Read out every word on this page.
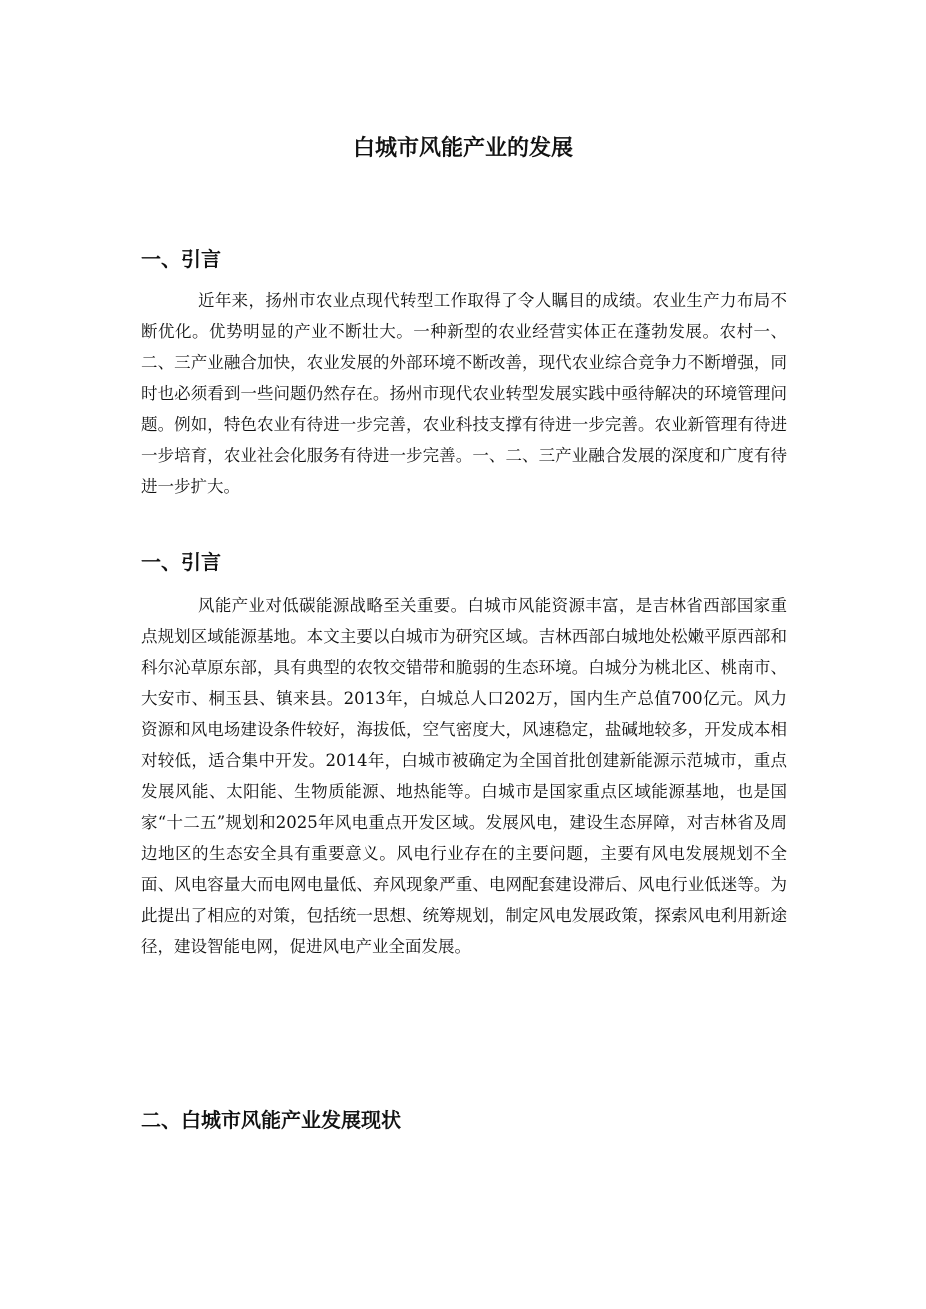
白城市风能产业的发展
一、引言

近年来，扬州市农业点现代转型工作取得了令人瞩目的成绩。农业生产力布局不断优化。优势明显的产业不断壮大。一种新型的农业经营实体正在蓬勃发展。农村一、二、三产业融合加快，农业发展的外部环境不断改善，现代农业综合竞争力不断增强，同时也必须看到一些问题仍然存在。扬州市现代农业转型发展实践中亟待解决的环境管理问题。例如，特色农业有待进一步完善，农业科技支撑有待进一步完善。农业新管理有待进一步培育，农业社会化服务有待进一步完善。一、二、三产业融合发展的深度和广度有待进一步扩大。

一、引言

风能产业对低碳能源战略至关重要。白城市风能资源丰富，是吉林省西部国家重点规划区域能源基地。本文主要以白城市为研究区域。吉林西部白城地处松嫩平原西部和科尔沁草原东部，具有典型的农牧交错带和脆弱的生态环境。白城分为桃北区、桃南市、大安市、桐玉县、镇来县。2013年，白城总人口202万，国内生产总值700亿元。风力资源和风电场建设条件较好，海拔低，空气密度大，风速稳定，盐碱地较多，开发成本相对较低，适合集中开发。2014年，白城市被确定为全国首批创建新能源示范城市，重点发展风能、太阳能、生物质能源、地热能等。白城市是国家重点区域能源基地，也是国家“十二五”规划和2025年风电重点开发区域。发展风电，建设生态屏障，对吉林省及周边地区的生态安全具有重要意义。风电行业存在的主要问题，主要有风电发展规划不全面、风电容量大而电网电量低、弃风现象严重、电网配套建设滞后、风电行业低迷等。为此提出了相应的对策，包括统一思想、统筹规划，制定风电发展政策，探索风电利用新途径，建设智能电网，促进风电产业全面发展。

二、白城市风能产业发展现状
